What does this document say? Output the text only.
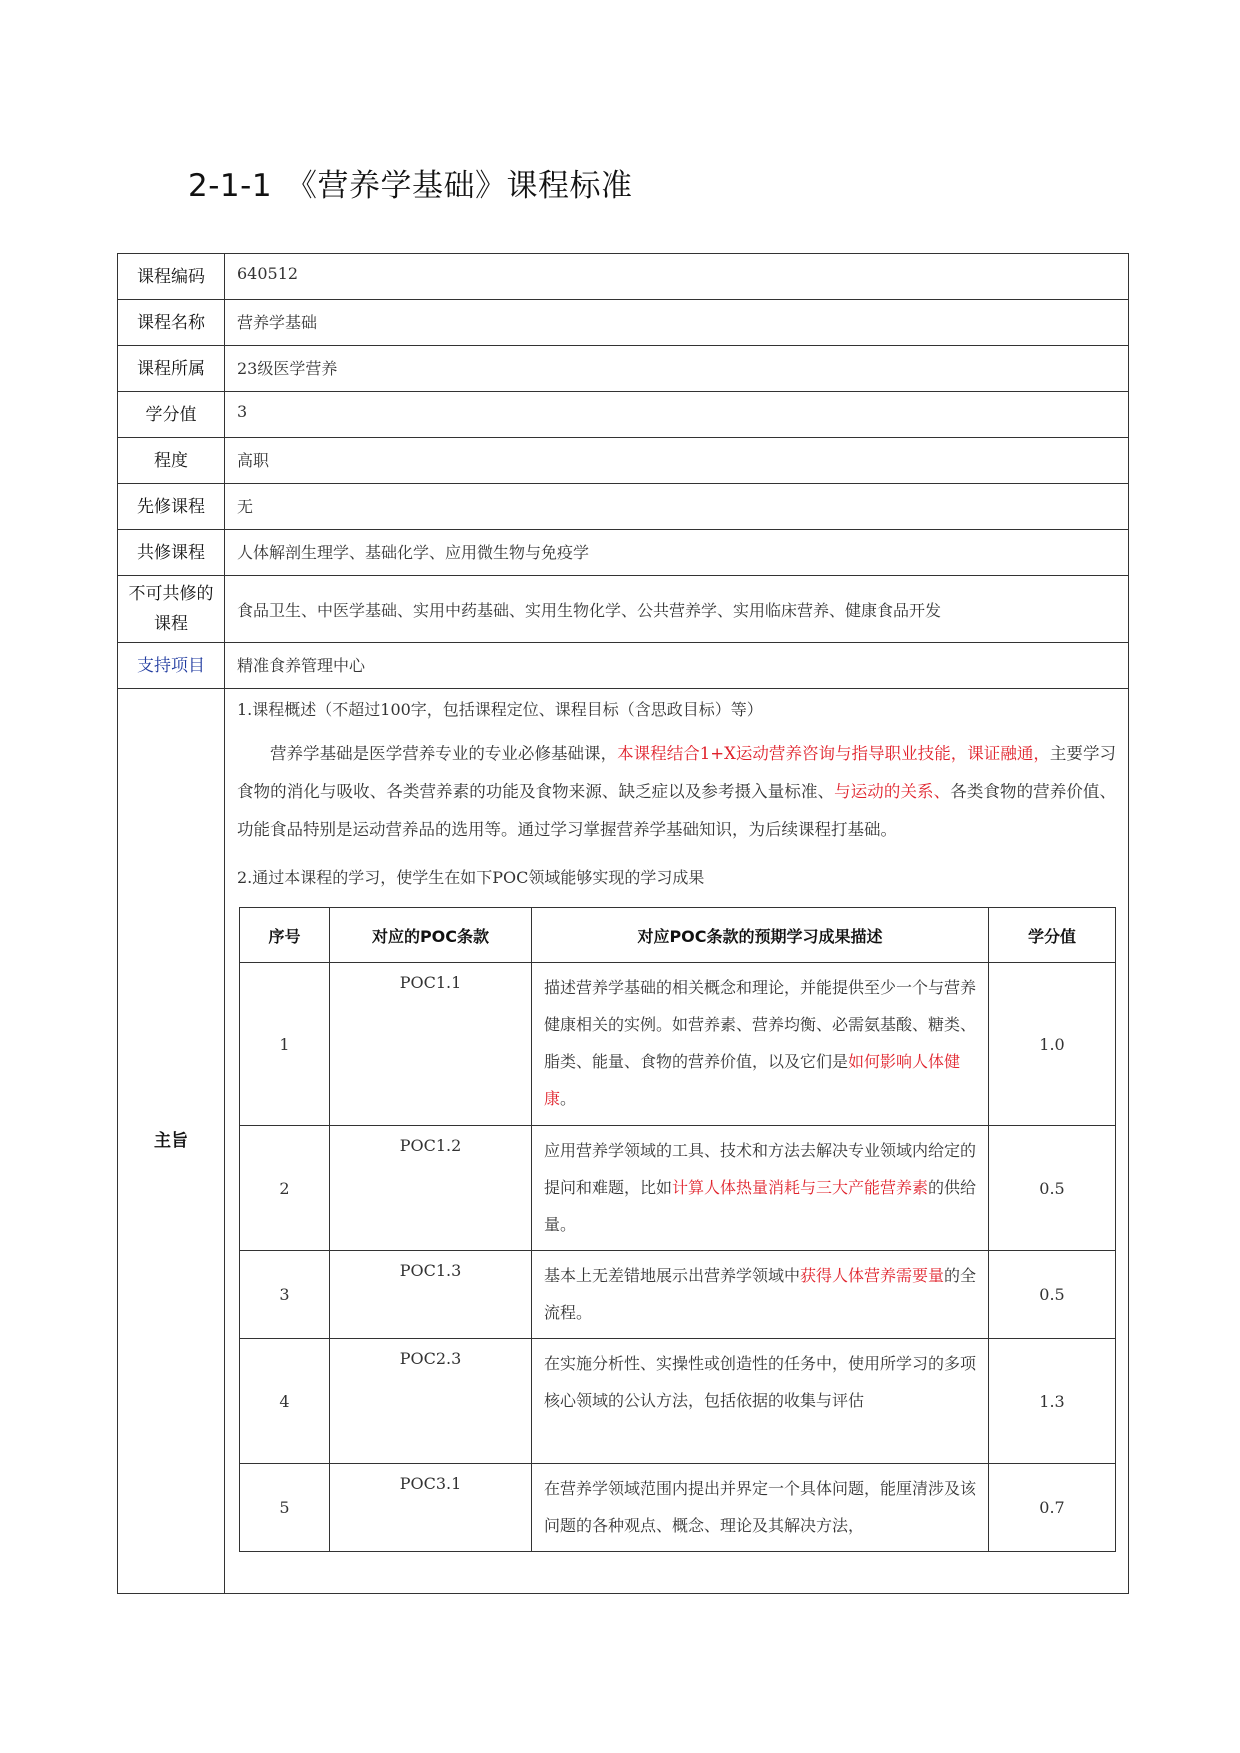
2-1-1 《营养学基础》课程标准
课程编码	640512
课程名称	营养学基础
课程所属	23级医学营养
学分值	3
程度	高职
先修课程	无
共修课程	人体解剖生理学、基础化学、应用微生物与免疫学
不可共修的课程	食品卫生、中医学基础、实用中药基础、实用生物化学、公共营养学、实用临床营养、健康食品开发
支持项目	精准食养管理中心
主旨	

1.课程概述（不超过100字，包括课程定位、课程目标（含思政目标）等）

营养学基础是医学营养专业的专业必修基础课，本课程结合1+X运动营养咨询与指导职业技能，课证融通，主要学习食物的消化与吸收、各类营养素的功能及食物来源、缺乏症以及参考摄入量标准、与运动的关系、各类食物的营养价值、功能食品特别是运动营养品的选用等。通过学习掌握营养学基础知识，为后续课程打基础。

2.通过本课程的学习，使学生在如下POC领域能够实现的学习成果

序号	对应的POC条款	对应POC条款的预期学习成果描述	学分值
1	POC1.1	描述营养学基础的相关概念和理论，并能提供至少一个与营养健康相关的实例。如营养素、营养均衡、必需氨基酸、糖类、脂类、能量、食物的营养价值，以及它们是如何影响人体健康。	1.0
2	POC1.2	应用营养学领域的工具、技术和方法去解决专业领域内给定的提问和难题，比如计算人体热量消耗与三大产能营养素的供给量。	0.5
3	POC1.3	基本上无差错地展示出营养学领域中获得人体营养需要量的全流程。	0.5
4	POC2.3	在实施分析性、实操性或创造性的任务中，使用所学习的多项核心领域的公认方法，包括依据的收集与评估	1.3
5	POC3.1	在营养学领域范围内提出并界定一个具体问题，能厘清涉及该问题的各种观点、概念、理论及其解决方法，	0.7
